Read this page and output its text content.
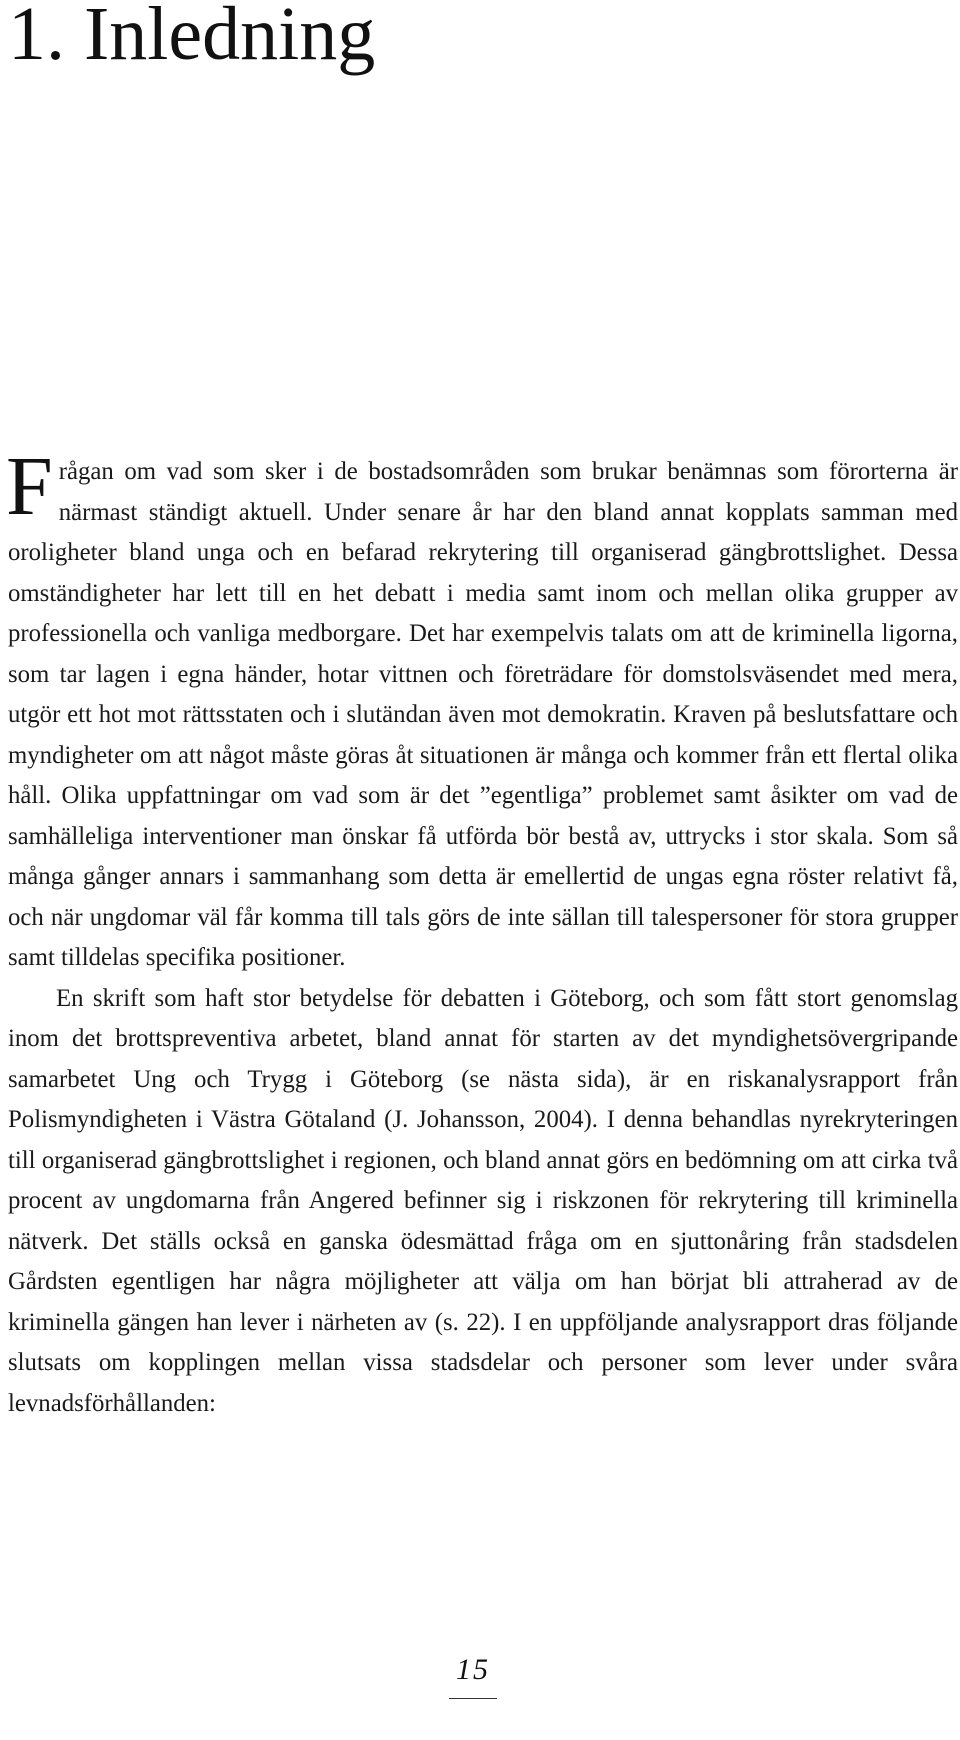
1. Inledning

Frågan om vad som sker i de bostadsområden som brukar benämnas som förorterna är närmast ständigt aktuell. Under senare år har den bland annat kopplats samman med oroligheter bland unga och en befarad rekrytering till organiserad gängbrottslighet. Dessa omständigheter har lett till en het debatt i media samt inom och mellan olika grupper av professionella och vanliga medborgare. Det har exempelvis talats om att de kriminella ligorna, som tar lagen i egna händer, hotar vittnen och företrädare för domstolsväsendet med mera, utgör ett hot mot rättsstaten och i slutändan även mot demokratin. Kraven på beslutsfattare och myndigheter om att något måste göras åt situationen är många och kommer från ett flertal olika håll. Olika uppfattningar om vad som är det ”egentliga” problemet samt åsikter om vad de samhälleliga interventioner man önskar få utförda bör bestå av, uttrycks i stor skala. Som så många gånger annars i sammanhang som detta är emellertid de ungas egna röster relativt få, och när ungdomar väl får komma till tals görs de inte sällan till talespersoner för stora grupper samt tilldelas specifika positioner.

En skrift som haft stor betydelse för debatten i Göteborg, och som fått stort genomslag inom det brottspreventiva arbetet, bland annat för starten av det myndighetsövergripande samarbetet Ung och Trygg i Göteborg (se nästa sida), är en riskanalysrapport från Polismyndigheten i Västra Götaland (J. Johansson, 2004). I denna behandlas nyrekryteringen till organiserad gängbrottslighet i regionen, och bland annat görs en bedömning om att cirka två procent av ungdomarna från Angered befinner sig i riskzonen för rekrytering till kriminella nätverk. Det ställs också en ganska ödesmättad fråga om en sjuttonåring från stadsdelen Gårdsten egentligen har några möjligheter att välja om han börjat bli attraherad av de kriminella gängen han lever i närheten av (s. 22). I en uppföljande analysrapport dras följande slutsats om kopplingen mellan vissa stadsdelar och personer som lever under svåra levnadsförhållanden:

15
